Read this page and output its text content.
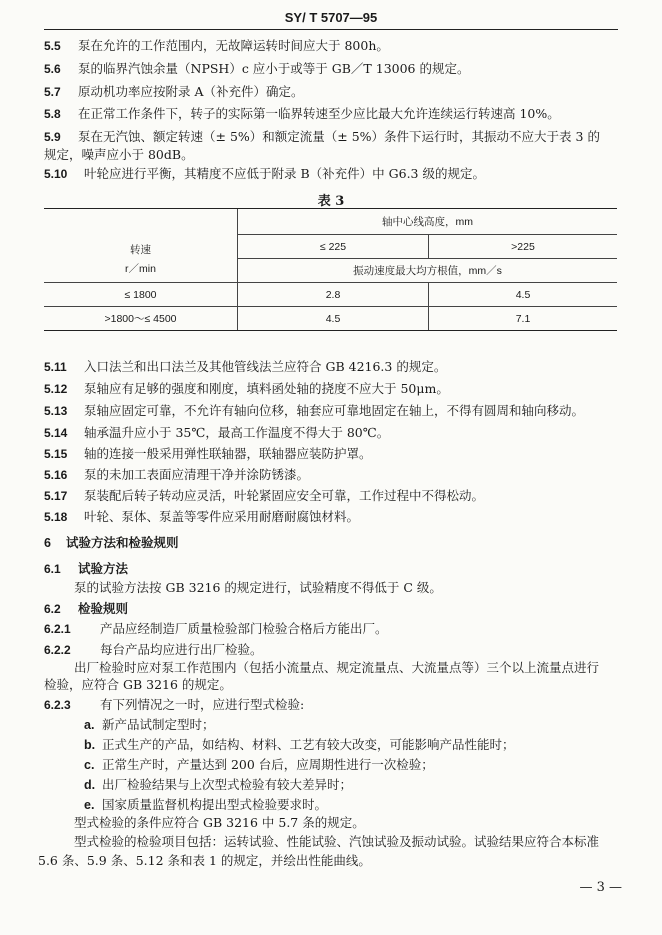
SY/ T 5707—95
5.5 泵在允许的工作范围内，无故障运转时间应大于 800h。
5.6 泵的临界汽蚀余量（NPSH）c 应小于或等于 GB／T 13006 的规定。
5.7 原动机功率应按附录 A（补充件）确定。
5.8 在正常工作条件下，转子的实际第一临界转速至少应比最大允许连续运行转速高 10%。
5.9 泵在无汽蚀、额定转速（± 5%）和额定流量（± 5%）条件下运行时，其振动不应大于表 3 的
规定，噪声应小于 80dB。
5.10 叶轮应进行平衡，其精度不应低于附录 B（补充件）中 G6.3 级的规定。
表 3
转速	轴中心线高度，mm	
	≤ 225	>225
r／min	振动速度最大均方根值，mm／s	
≤ 1800	2.8	4.5
>1800～≤ 4500	4.5	7.1
5.11 入口法兰和出口法兰及其他管线法兰应符合 GB 4216.3 的规定。
5.12 泵轴应有足够的强度和刚度，填料函处轴的挠度不应大于 50μm。
5.13 泵轴应固定可靠，不允许有轴向位移，轴套应可靠地固定在轴上，不得有圆周和轴向移动。
5.14 轴承温升应小于 35℃，最高工作温度不得大于 80℃。
5.15 轴的连接一般采用弹性联轴器，联轴器应装防护罩。
5.16 泵的未加工表面应清理干净并涂防锈漆。
5.17 泵装配后转子转动应灵活，叶轮紧固应安全可靠，工作过程中不得松动。
5.18 叶轮、泵体、泵盖等零件应采用耐磨耐腐蚀材料。
6 试验方法和检验规则
6.1 试验方法
泵的试验方法按 GB 3216 的规定进行，试验精度不得低于 C 级。
6.2 检验规则
6.2.1 产品应经制造厂质量检验部门检验合格后方能出厂。
6.2.2 每台产品均应进行出厂检验。
出厂检验时应对泵工作范围内（包括小流量点、规定流量点、大流量点等）三个以上流量点进行
检验，应符合 GB 3216 的规定。
6.2.3 有下列情况之一时，应进行型式检验:
a. 新产品试制定型时；
b. 正式生产的产品，如结构、材料、工艺有较大改变，可能影响产品性能时；
c. 正常生产时，产量达到 200 台后，应周期性进行一次检验；
d. 出厂检验结果与上次型式检验有较大差异时；
e. 国家质量监督机构提出型式检验要求时。
型式检验的条件应符合 GB 3216 中 5.7 条的规定。
型式检验的检验项目包括：运转试验、性能试验、汽蚀试验及振动试验。试验结果应符合本标准
5.6 条、5.9 条、5.12 条和表 1 的规定，并绘出性能曲线。
— 3 —
